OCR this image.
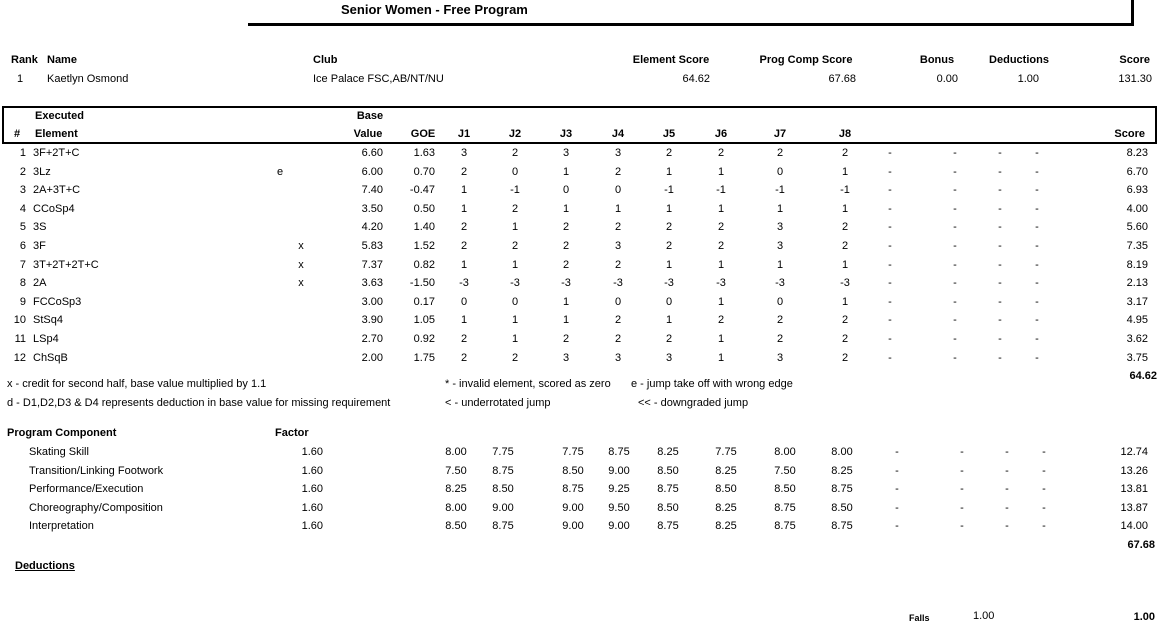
Senior Women - Free Program
Rank Name	Club	Element Score	Prog Comp Score	Bonus	Deductions	Score
1 Kaetlyn Osmond	Ice Palace FSC,AB/NT/NU	64.62	67.68	0.00	1.00	131.30
Executed
# Element
Base
Value	GOE J1	J2	J3	J4	J5	J6	J7	J8	Score
1 3F+2T+C	6.60	1.63 3	2	3	3	2	2	2	2	-	-	-	-	8.23
2 3Lz	e	6.00	0.70 2	0	1	2	1	1	0	1	-	-	-	-	6.70
3 2A+3T+C	7.40 -0.47 1	-1	0	0	-1	-1	-1	-1	-	-	-	-	6.93
4 CCoSp4	3.50	0.50 1	2	1	1	1	1	1	1	-	-	-	-	4.00
5 3S	4.20	1.40 2	1	2	2	2	2	3	2	-	-	-	-	5.60
6 3F	x	5.83	1.52 2	2	2	3	2	2	3	2	-	-	-	-	7.35
7 3T+2T+2T+C	x	7.37	0.82 1	1	2	2	1	1	1	1	-	-	-	-	8.19
8 2A	x	3.63 -1.50 -3	-3	-3	-3	-3	-3	-3	-3	-	-	-	-	2.13
9 FCCoSp3	3.00	0.17 0	0	1	0	0	1	0	1	-	-	-	-	3.17
10 StSq4	3.90	1.05 1	1	1	2	1	2	2	2	-	-	-	-	4.95
11 LSp4	2.70	0.92 2	1	2	2	2	1	2	2	-	-	-	-	3.62
12 ChSqB	2.00	1.75 2	2	3	3	3	1	3	2	-	-	-	-	3.75
64.62
x - credit for second half, base value multiplied by 1.1
d - D1,D2,D3 & D4 represents deduction in base value for missing requirement
* - invalid element, scored as zero e - jump take off with wrong edge
< - underrotated jump	<< - downgraded jump
Program Component	Factor
Skating Skill	1.60	8.00 7.75	7.75 8.75	8.25	7.75	8.00	8.00	-	-	-	-	12.74
Transition/Linking Footwork	1.60	7.50 8.75	8.50 9.00	8.50	8.25	7.50	8.25	-	-	-	-	13.26
Performance/Execution	1.60	8.25 8.50	8.75 9.25	8.75	8.50	8.50	8.75	-	-	-	-	13.81
Choreography/Composition	1.60	8.00 9.00	9.00 9.50	8.50	8.25	8.75	8.50	-	-	-	-	13.87
Interpretation	1.60	8.50 8.75	9.00 9.00	8.75	8.25	8.75	8.75	-	-	-	-	14.00
67.68
Deductions
Falls	1.00	1.00
